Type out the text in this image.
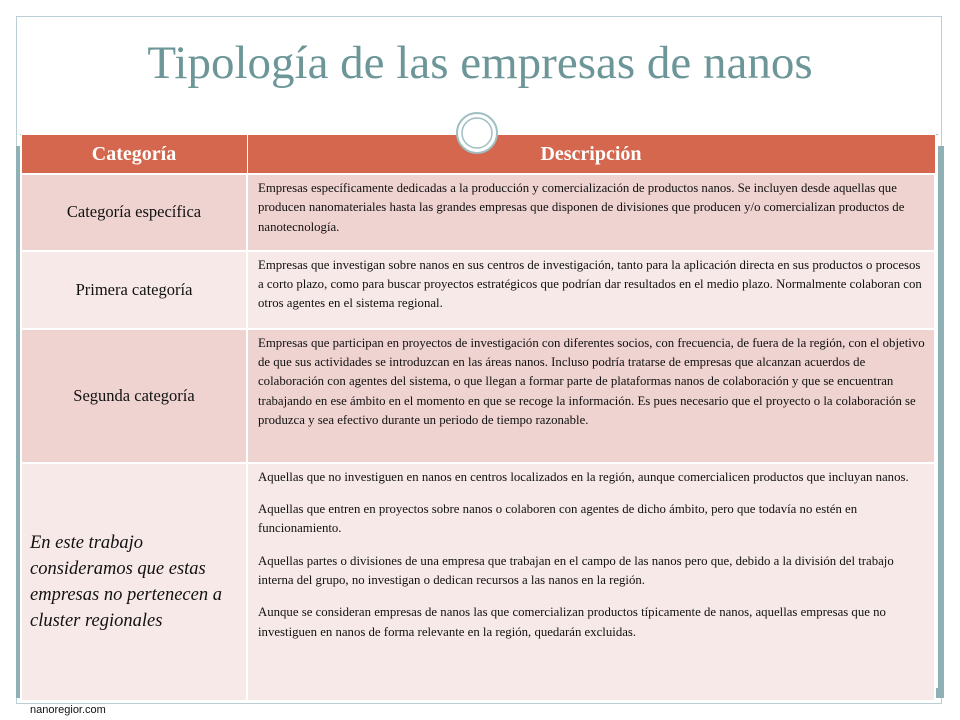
Tipología de las empresas de nanos
Categoría	Descripción
Categoría específica	Empresas específicamente dedicadas a la producción y comercialización de productos nanos. Se incluyen desde aquellas que producen nanomateriales hasta las grandes empresas que disponen de divisiones que producen y/o comercializan productos de nanotecnología.

Primera categoría	Empresas que investigan sobre nanos en sus centros de investigación, tanto para la aplicación directa en sus productos o procesos a corto plazo, como para buscar proyectos estratégicos que podrían dar resultados en el medio plazo. Normalmente colaboran con otros agentes en el sistema regional.

Segunda categoría	Empresas que participan en proyectos de investigación con diferentes socios, con frecuencia, de fuera de la región, con el objetivo de que sus actividades se introduzcan en las áreas nanos. Incluso podría tratarse de empresas que alcanzan acuerdos de colaboración con agentes del sistema, o que llegan a formar parte de plataformas nanos de colaboración y que se encuentran trabajando en ese ámbito en el momento en que se recoge la información. Es pues necesario que el proyecto o la colaboración se produzca y sea efectivo durante un periodo de tiempo razonable.

En este trabajo consideramos que estas empresas no pertenecen a cluster regionales	Aquellas que no investiguen en nanos en centros localizados en la región, aunque comercialicen productos que incluyan nanos.

Aquellas que entren en proyectos sobre nanos o colaboren con agentes de dicho ámbito, pero que todavía no estén en funcionamiento.

Aquellas partes o divisiones de una empresa que trabajan en el campo de las nanos pero que, debido a la división del trabajo interna del grupo, no investigan o dedican recursos a las nanos en la región.

Aunque se consideran empresas de nanos las que comercializan productos típicamente de nanos, aquellas empresas que no investiguen en nanos de forma relevante en la región, quedarán excluidas.

nanoregior.com
